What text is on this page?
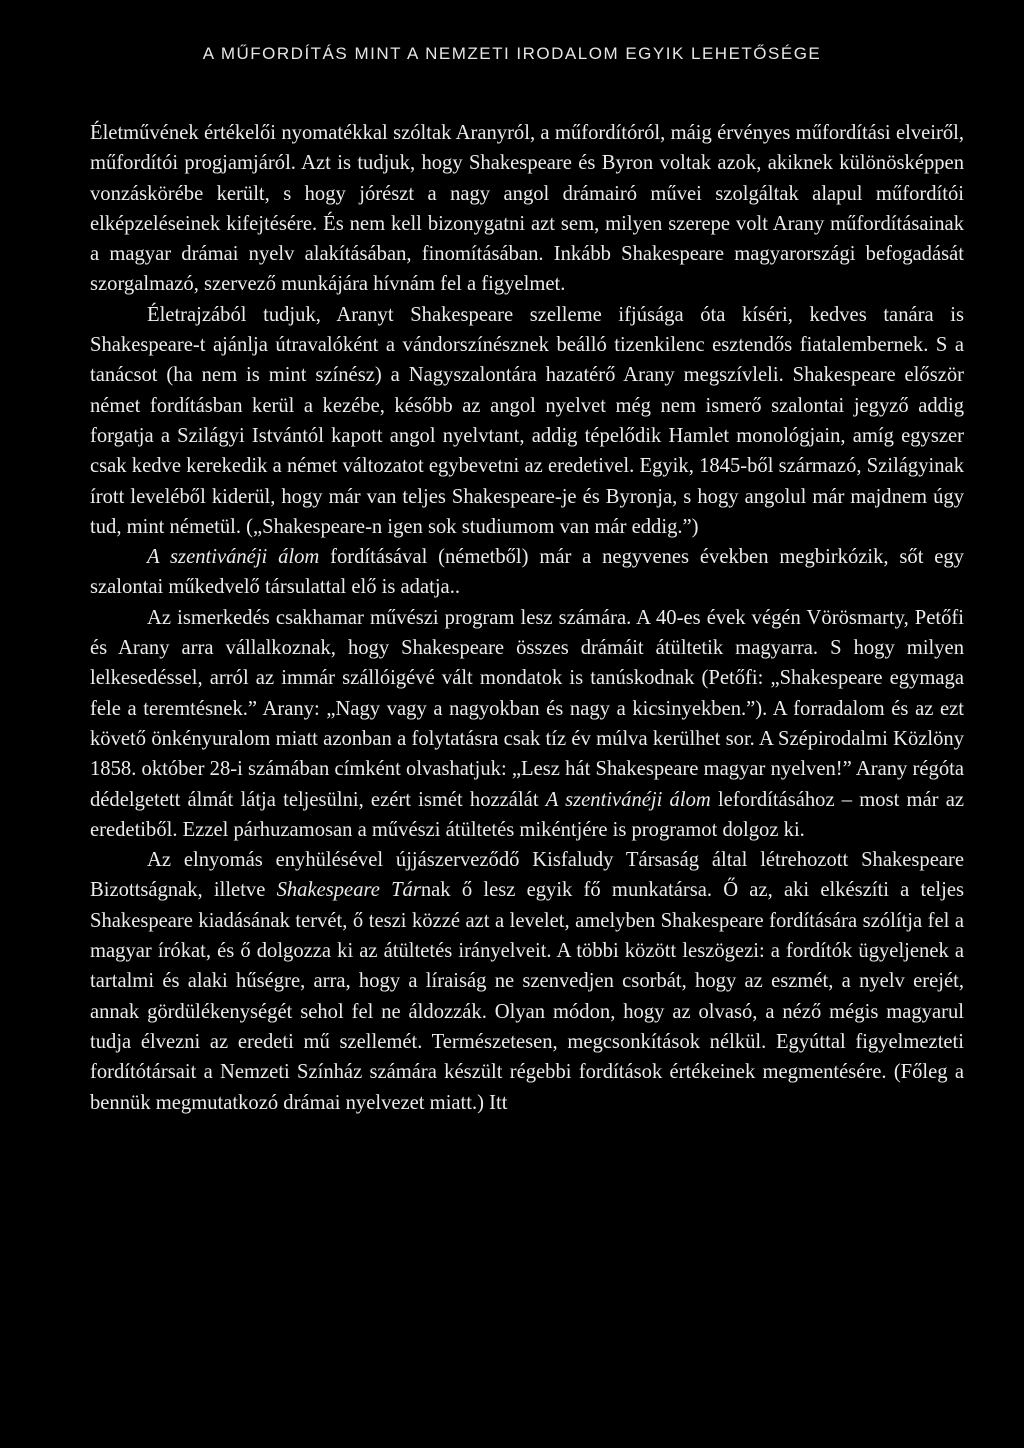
A MŰFORDÍTÁS MINT A NEMZETI IRODALOM EGYIK LEHETŐSÉGE

Életművének értékelői nyomatékkal szóltak Aranyról, a műfordítóról, máig érvényes műfordítási elveiről, műfordítói progjamjáról. Azt is tudjuk, hogy Shakespeare és Byron voltak azok, akiknek különösképpen vonzáskörébe került, s hogy jórészt a nagy angol drámairó művei szolgáltak alapul műfordítói elképzeléseinek kifejtésére. És nem kell bizonygatni azt sem, milyen szerepe volt Arany műfordításainak a magyar drámai nyelv alakításában, finomításában. Inkább Shakespeare magyarországi befogadását szorgalmazó, szervező munkájára hívnám fel a figyelmet.

Életrajzából tudjuk, Aranyt Shakespeare szelleme ifjúsága óta kíséri, kedves tanára is Shakespeare-t ajánlja útravalóként a vándorszínésznek beálló tizenkilenc esztendős fiatalembernek. S a tanácsot (ha nem is mint színész) a Nagyszalontára hazatérő Arany megszívleli. Shakespeare először német fordításban kerül a kezébe, később az angol nyelvet még nem ismerő szalontai jegyző addig forgatja a Szilágyi Istvántól kapott angol nyelvtant, addig tépelődik Hamlet monológjain, amíg egyszer csak kedve kerekedik a német változatot egybevetni az eredetivel. Egyik, 1845-ből származó, Szilágyinak írott leveléből kiderül, hogy már van teljes Shakespeare-je és Byronja, s hogy angolul már majdnem úgy tud, mint németül. („Shakespeare-n igen sok studiumom van már eddig.”)

A szentivánéji álom fordításával (németből) már a negyvenes években megbirkózik, sőt egy szalontai műkedvelő társulattal elő is adatja..

Az ismerkedés csakhamar művészi program lesz számára. A 40-es évek végén Vörösmarty, Petőfi és Arany arra vállalkoznak, hogy Shakespeare összes drámáit átültetik magyarra. S hogy milyen lelkesedéssel, arról az immár szállóigévé vált mondatok is tanúskodnak (Petőfi: „Shakespeare egymaga fele a teremtésnek.” Arany: „Nagy vagy a nagyokban és nagy a kicsinyekben.”). A forradalom és az ezt követő önkényuralom miatt azonban a folytatásra csak tíz év múlva kerülhet sor. A Szépirodalmi Közlöny 1858. október 28-i számában címként olvashatjuk: „Lesz hát Shakespeare magyar nyelven!” Arany régóta dédelgetett álmát látja teljesülni, ezért ismét hozzálát A szentivánéji álom lefordításához – most már az eredetiből. Ezzel párhuzamosan a művészi átültetés mikéntjére is programot dolgoz ki.

Az elnyomás enyhülésével újjászerveződő Kisfaludy Társaság által létrehozott Shakespeare Bizottságnak, illetve Shakespeare Tárnak ő lesz egyik fő munkatársa. Ő az, aki elkészíti a teljes Shakespeare kiadásának tervét, ő teszi közzé azt a levelet, amelyben Shakespeare fordítására szólítja fel a magyar írókat, és ő dolgozza ki az átültetés irányelveit. A többi között leszögezi: a fordítók ügyeljenek a tartalmi és alaki hűségre, arra, hogy a líraiság ne szenvedjen csorbát, hogy az eszmét, a nyelv erejét, annak gördülékenységét sehol fel ne áldozzák. Olyan módon, hogy az olvasó, a néző mégis magyarul tudja élvezni az eredeti mű szellemét. Természetesen, megcsonkítások nélkül. Egyúttal figyelmezteti fordítótársait a Nemzeti Színház számára készült régebbi fordítások értékeinek megmentésére. (Főleg a bennük megmutatkozó drámai nyelvezet miatt.) Itt
